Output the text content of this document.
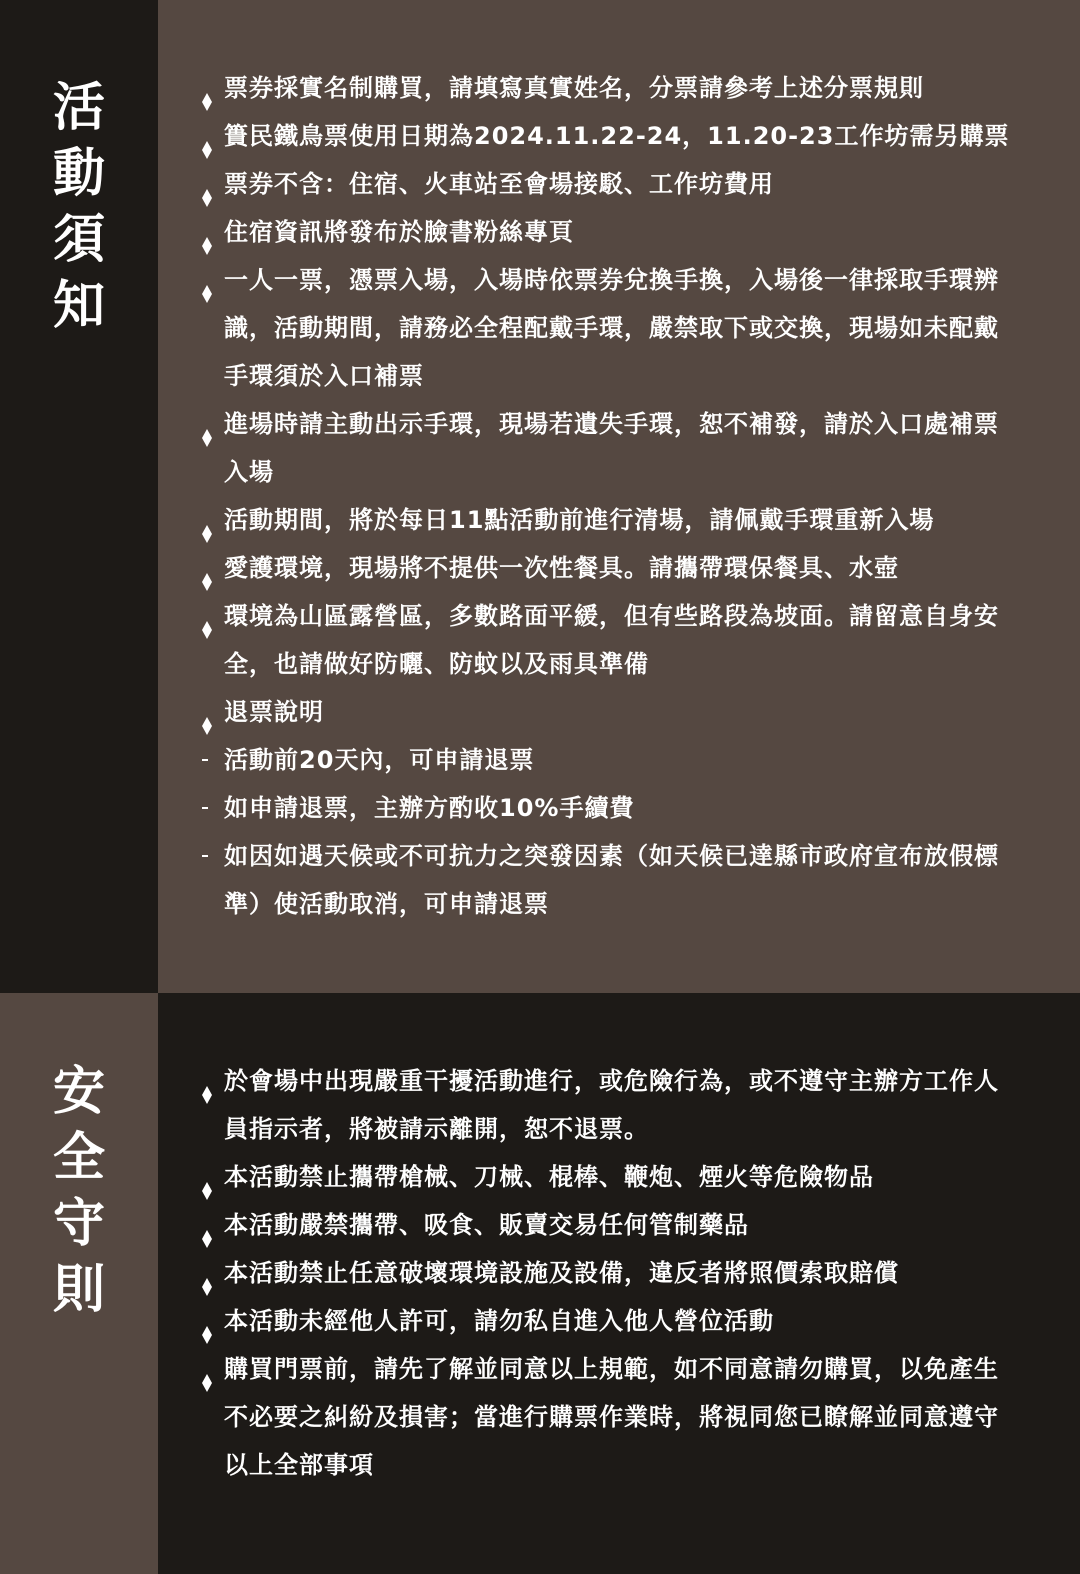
活
動
須
知
票券採實名制購買，請填寫真實姓名，分票請參考上述分票規則
簣民鐵鳥票使用日期為2024.11.22-24，11.20-23工作坊需另購票
票券不含：住宿、火車站至會場接駁、工作坊費用
住宿資訊將發布於臉書粉絲專頁
一人一票，憑票入場，入場時依票券兌換手換，入場後一律採取手環辨識，活動期間，請務必全程配戴手環，嚴禁取下或交換，現場如未配戴手環須於入口補票
進場時請主動出示手環，現場若遺失手環，恕不補發，請於入口處補票入場
活動期間，將於每日11點活動前進行清場，請佩戴手環重新入場
愛護環境，現場將不提供一次性餐具。請攜帶環保餐具、水壺
環境為山區露營區，多數路面平緩，但有些路段為坡面。請留意自身安全，也請做好防曬、防蚊以及雨具準備
退票說明
活動前20天內，可申請退票
如申請退票，主辦方酌收10%手續費
如因如遇天候或不可抗力之突發因素（如天候已達縣市政府宣布放假標準）使活動取消，可申請退票
安
全
守
則
於會場中出現嚴重干擾活動進行，或危險行為，或不遵守主辦方工作人員指示者，將被請示離開，恕不退票。
本活動禁止攜帶槍械、刀械、棍棒、鞭炮、煙火等危險物品
本活動嚴禁攜帶、吸食、販賣交易任何管制藥品
本活動禁止任意破壞環境設施及設備，違反者將照價索取賠償
本活動未經他人許可，請勿私自進入他人營位活動
購買門票前，請先了解並同意以上規範，如不同意請勿購買，以免產生不必要之糾紛及損害；當進行購票作業時，將視同您已瞭解並同意遵守以上全部事項
